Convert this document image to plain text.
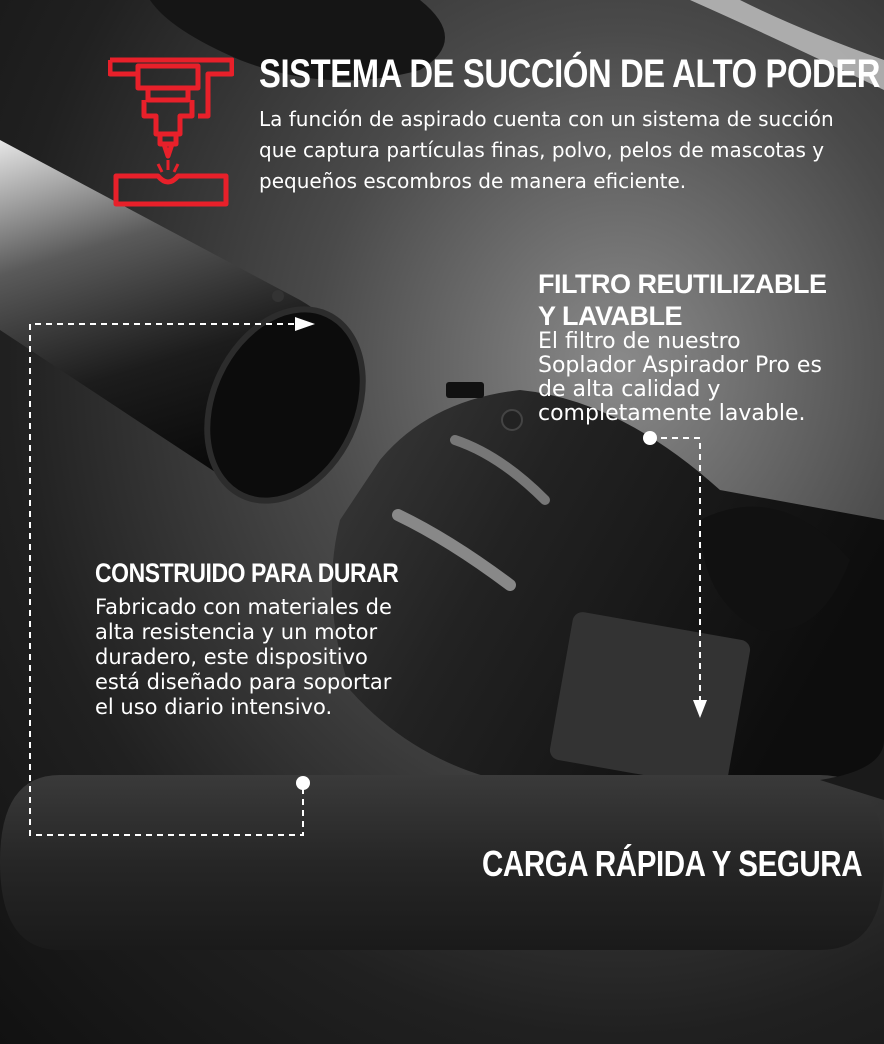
SISTEMA DE SUCCIÓN DE ALTO PODER
La función de aspirado cuenta con un sistema de succión que captura partículas finas, polvo, pelos de mascotas y pequeños escombros de manera eficiente.
FILTRO REUTILIZABLE Y LAVABLE
El filtro de nuestro Soplador Aspirador Pro es de alta calidad y completamente lavable.
CONSTRUIDO PARA DURAR
Fabricado con materiales de alta resistencia y un motor duradero, este dispositivo está diseñado para soportar el uso diario intensivo.
CARGA RÁPIDA Y SEGURA
